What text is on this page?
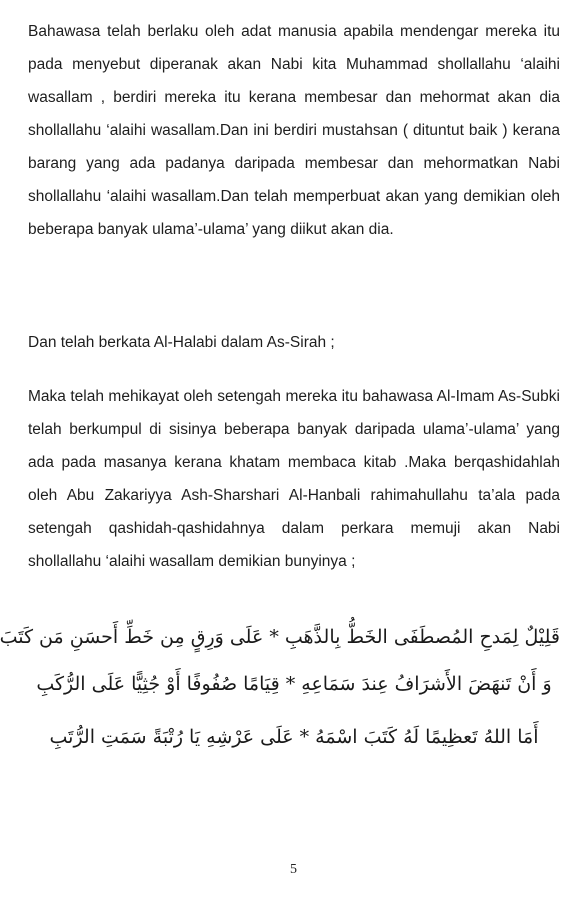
Bahawasa telah berlaku oleh adat manusia apabila mendengar mereka itu pada menyebut diperanak akan Nabi kita Muhammad shollallahu ‘alaihi wasallam , berdiri mereka itu kerana membesar dan mehormat akan dia shollallahu ‘alaihi wasallam.Dan ini berdiri mustahsan ( dituntut baik ) kerana barang yang ada padanya daripada membesar dan mehormatkan Nabi shollallahu ‘alaihi wasallam.Dan telah memperbuat akan yang demikian oleh beberapa banyak ulama’-ulama’ yang diikut akan dia.

Dan telah berkata Al-Halabi dalam As-Sirah ;

Maka telah mehikayat oleh setengah mereka itu bahawasa Al-Imam As-Subki telah berkumpul di sisinya beberapa banyak daripada ulama’-ulama’ yang ada pada masanya kerana khatam membaca kitab .Maka berqashidahlah oleh Abu Zakariyya Ash-Sharshari Al-Hanbali rahimahullahu ta’ala pada setengah qashidah-qashidahnya dalam perkara memuji akan Nabi shollallahu ‘alaihi wasallam demikian bunyinya ;

قَلِيْلٌ لِمَدحِ المُصطَفَى الخَطُّ بِالذَّهَبِ * عَلَى وَرِقٍ مِن خَطِّ أَحسَنِ مَن كَتَبَ
وَ أَنْ تَنهَضَ الأَشرَافُ عِندَ سَمَاعِهِ * قِيَامًا صُفُوفًا أَوْ جُثِيًّا عَلَى الرُّكَبِ
أَمَا اللهُ تَعظِيمًا لَهُ كَتَبَ اسْمَهُ * عَلَى عَرْشِهِ يَا رُتْبَةً سَمَتِ الرُّتَبِ
5
